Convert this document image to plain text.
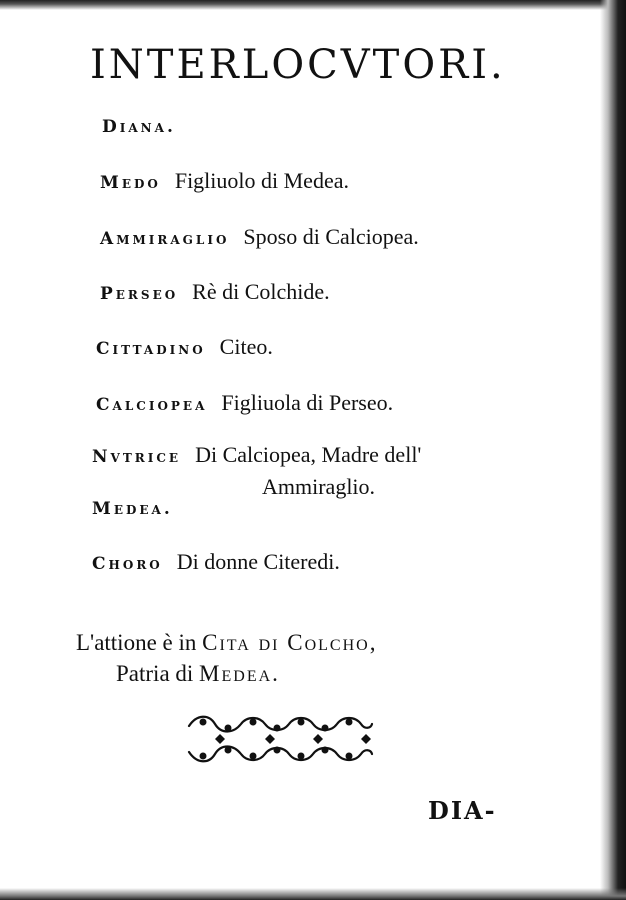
INTERLOCVTORI.
Diana.
Medo Figliuolo di Medea.
Ammiraglio Sposo di Calciopea.
Perseo Rè di Colchide.
Cittadino Citeo.
Calciopea Figliuola di Perseo.
Nvtrice Di Calciopea, Madre dell'
Ammiraglio.
Medea.
Choro Di donne Citeredi.
L'attione è in Cita di Colcho,
Patria di Medea.
DIA-
